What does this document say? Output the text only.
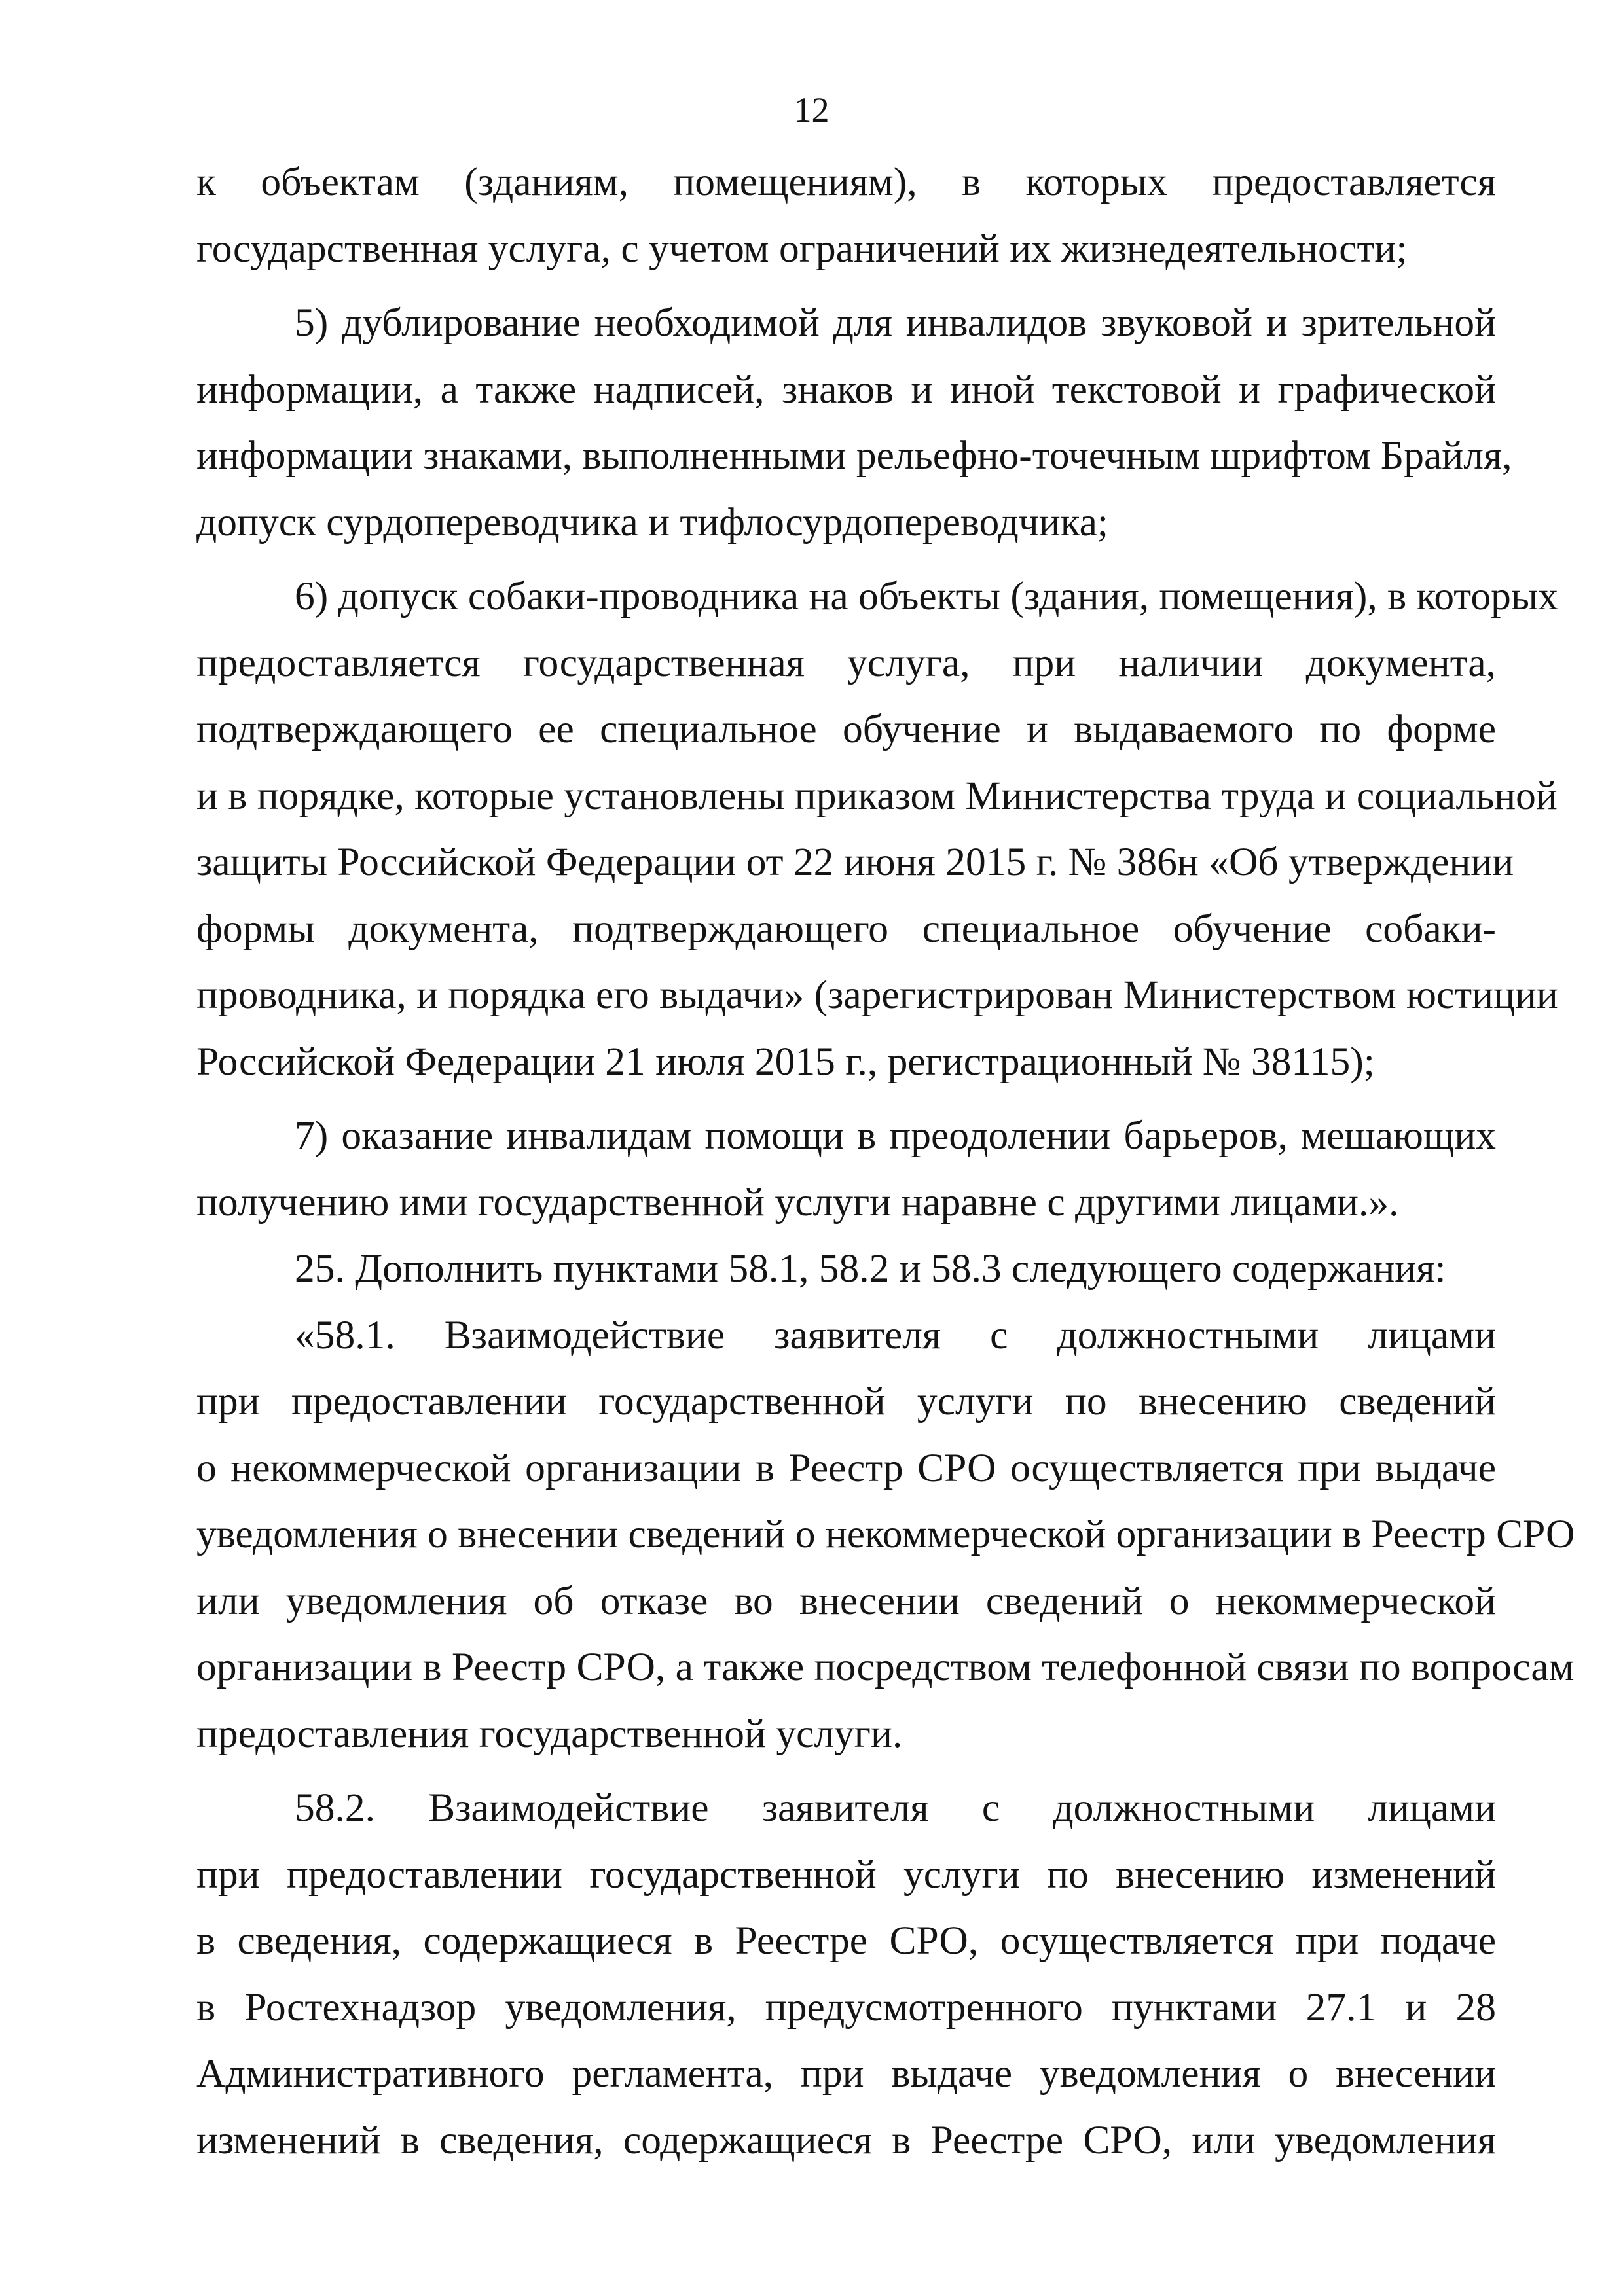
12

к объектам (зданиям, помещениям), в которых предоставляется

государственная услуга, с учетом ограничений их жизнедеятельности;

5) дублирование необходимой для инвалидов звуковой и зрительной

информации, а также надписей, знаков и иной текстовой и графической

информации знаками, выполненными рельефно-точечным шрифтом Брайля,

допуск сурдопереводчика и тифлосурдопереводчика;

6) допуск собаки-проводника на объекты (здания, помещения), в которых

предоставляется государственная услуга, при наличии документа,

подтверждающего ее специальное обучение и выдаваемого по форме

и в порядке, которые установлены приказом Министерства труда и социальной

защиты Российской Федерации от 22 июня 2015 г. № 386н «Об утверждении

формы документа, подтверждающего специальное обучение собаки-

проводника, и порядка его выдачи» (зарегистрирован Министерством юстиции

Российской Федерации 21 июля 2015 г., регистрационный № 38115);

7) оказание инвалидам помощи в преодолении барьеров, мешающих

получению ими государственной услуги наравне с другими лицами.».

25. Дополнить пунктами 58.1, 58.2 и 58.3 следующего содержания:

«58.1. Взаимодействие заявителя с должностными лицами

при предоставлении государственной услуги по внесению сведений

о некоммерческой организации в Реестр СРО осуществляется при выдаче

уведомления о внесении сведений о некоммерческой организации в Реестр СРО

или уведомления об отказе во внесении сведений о некоммерческой

организации в Реестр СРО, а также посредством телефонной связи по вопросам

предоставления государственной услуги.

58.2. Взаимодействие заявителя с должностными лицами

при предоставлении государственной услуги по внесению изменений

в сведения, содержащиеся в Реестре СРО, осуществляется при подаче

в Ростехнадзор уведомления, предусмотренного пунктами 27.1 и 28

Административного регламента, при выдаче уведомления о внесении

изменений в сведения, содержащиеся в Реестре СРО, или уведомления
